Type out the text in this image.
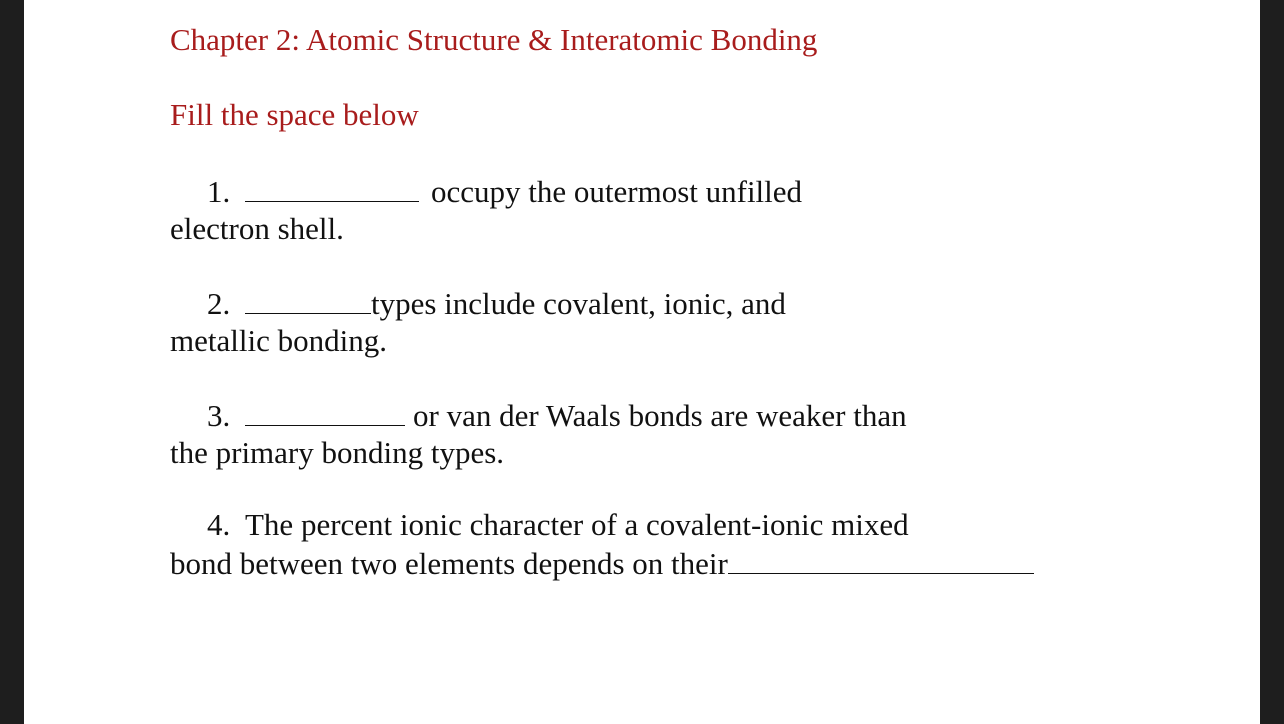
Chapter 2: Atomic Structure & Interatomic Bonding
Fill the space below
1.	occupy the outermost unfilled
electron shell.
2.	types include covalent, ionic, and
metallic bonding.
3.	or van der Waals bonds are weaker than
the primary bonding types.
4. The percent ionic character of a covalent-ionic mixed
bond between two elements depends on their
